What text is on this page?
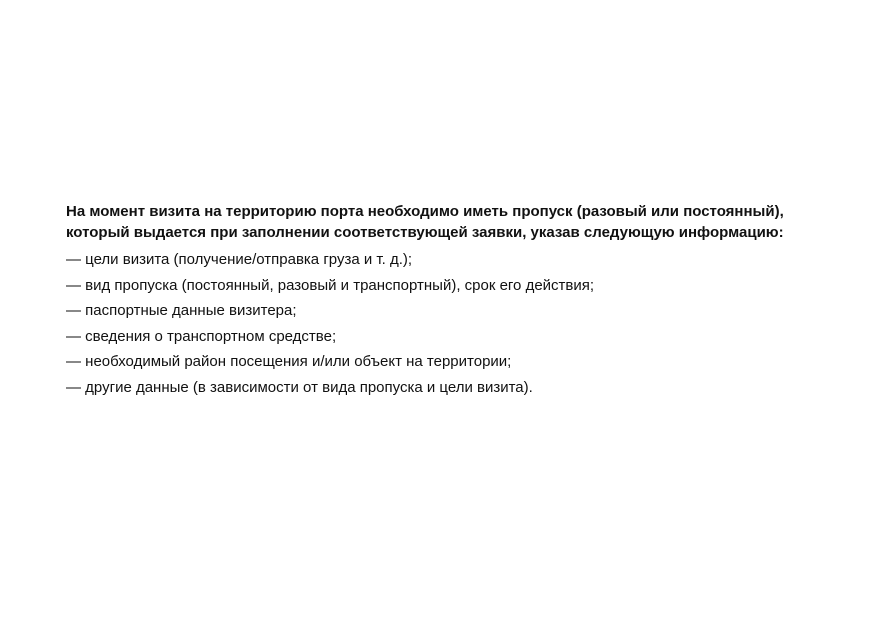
На момент визита на территорию порта необходимо иметь пропуск (разовый или постоянный),
который выдается при заполнении соответствующей заявки, указав следующую информацию:

— цели визита (получение/отправка груза и т. д.);
— вид пропуска (постоянный, разовый и транспортный), срок его действия;
— паспортные данные визитера;
— сведения о транспортном средстве;
— необходимый район посещения и/или объект на территории;
— другие данные (в зависимости от вида пропуска и цели визита).
